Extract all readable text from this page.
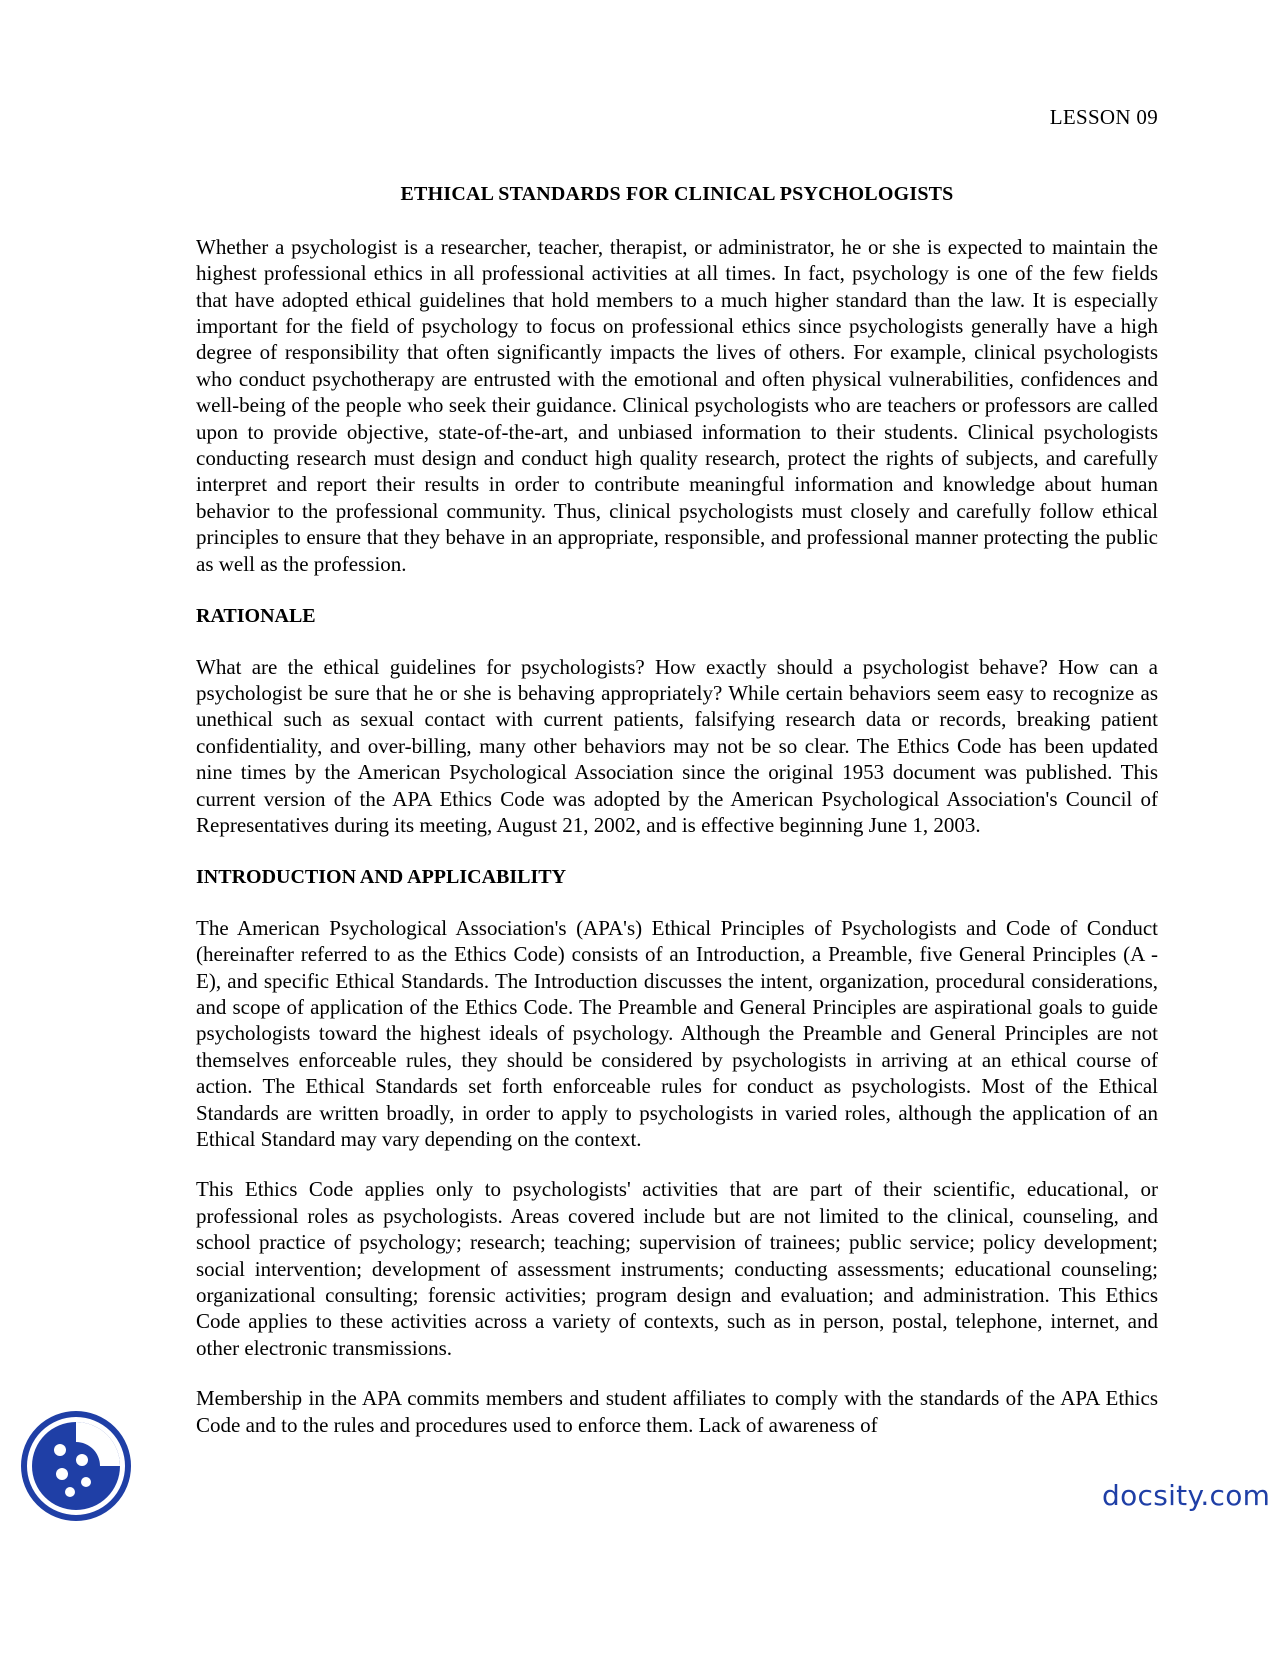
LESSON 09

ETHICAL STANDARDS FOR CLINICAL PSYCHOLOGISTS

Whether a psychologist is a researcher, teacher, therapist, or administrator, he or she is expected to maintain the highest professional ethics in all professional activities at all times. In fact, psychology is one of the few fields that have adopted ethical guidelines that hold members to a much higher standard than the law. It is especially important for the field of psychology to focus on professional ethics since psychologists generally have a high degree of responsibility that often significantly impacts the lives of others. For example, clinical psychologists who conduct psychotherapy are entrusted with the emotional and often physical vulnerabilities, confidences and well-being of the people who seek their guidance. Clinical psychologists who are teachers or professors are called upon to provide objective, state-of-the-art, and unbiased information to their students. Clinical psychologists conducting research must design and conduct high quality research, protect the rights of subjects, and carefully interpret and report their results in order to contribute meaningful information and knowledge about human behavior to the professional community. Thus, clinical psychologists must closely and carefully follow ethical principles to ensure that they behave in an appropriate, responsible, and professional manner protecting the public as well as the profession.

RATIONALE

What are the ethical guidelines for psychologists? How exactly should a psychologist behave? How can a psychologist be sure that he or she is behaving appropriately? While certain behaviors seem easy to recognize as unethical such as sexual contact with current patients, falsifying research data or records, breaking patient confidentiality, and over-billing, many other behaviors may not be so clear. The Ethics Code has been updated nine times by the American Psychological Association since the original 1953 document was published. This current version of the APA Ethics Code was adopted by the American Psychological Association's Council of Representatives during its meeting, August 21, 2002, and is effective beginning June 1, 2003.

INTRODUCTION AND APPLICABILITY

The American Psychological Association's (APA's) Ethical Principles of Psychologists and Code of Conduct (hereinafter referred to as the Ethics Code) consists of an Introduction, a Preamble, five General Principles (A - E), and specific Ethical Standards. The Introduction discusses the intent, organization, procedural considerations, and scope of application of the Ethics Code. The Preamble and General Principles are aspirational goals to guide psychologists toward the highest ideals of psychology. Although the Preamble and General Principles are not themselves enforceable rules, they should be considered by psychologists in arriving at an ethical course of action. The Ethical Standards set forth enforceable rules for conduct as psychologists. Most of the Ethical Standards are written broadly, in order to apply to psychologists in varied roles, although the application of an Ethical Standard may vary depending on the context.

This Ethics Code applies only to psychologists' activities that are part of their scientific, educational, or professional roles as psychologists. Areas covered include but are not limited to the clinical, counseling, and school practice of psychology; research; teaching; supervision of trainees; public service; policy development; social intervention; development of assessment instruments; conducting assessments; educational counseling; organizational consulting; forensic activities; program design and evaluation; and administration. This Ethics Code applies to these activities across a variety of contexts, such as in person, postal, telephone, internet, and other electronic transmissions.

Membership in the APA commits members and student affiliates to comply with the standards of the APA Ethics Code and to the rules and procedures used to enforce them. Lack of awareness of

docsity.com
